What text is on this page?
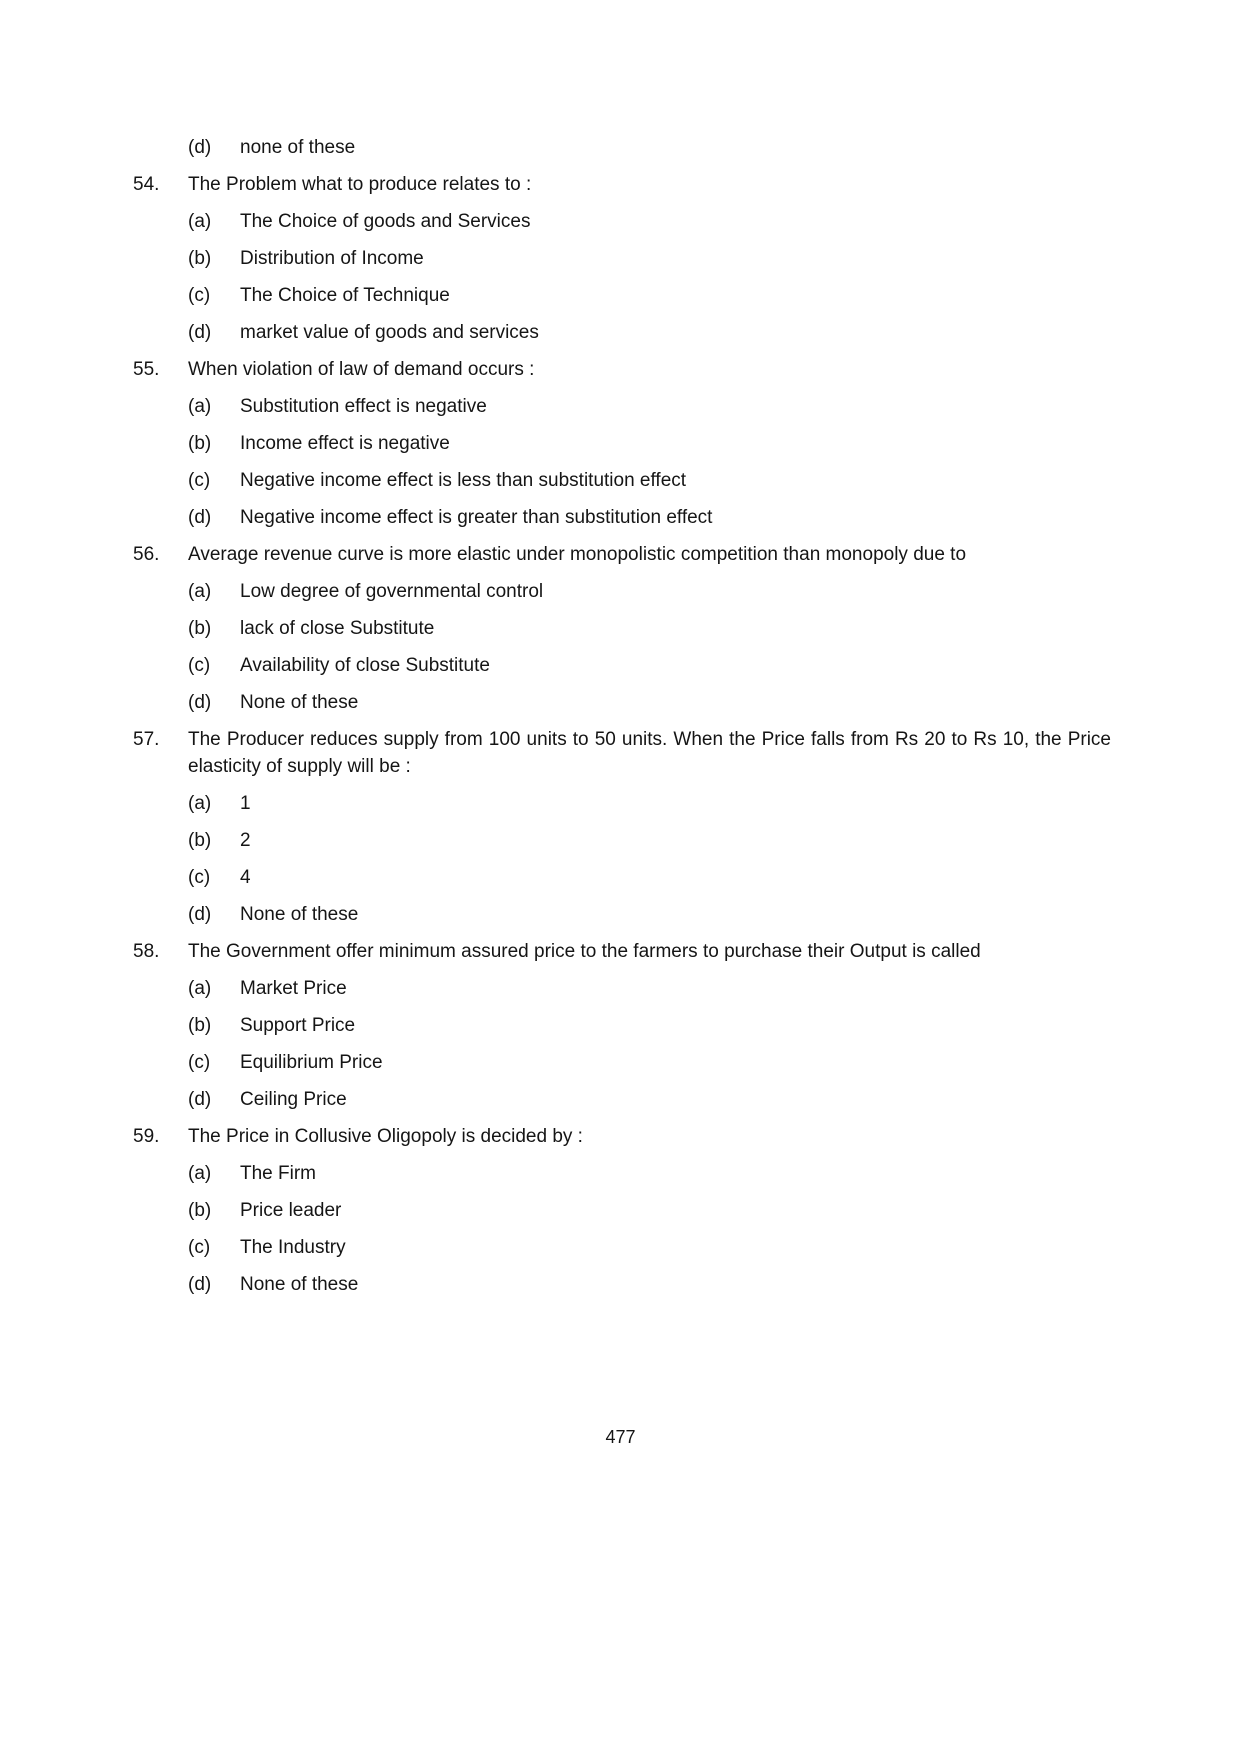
(d)	none of these
54.	The Problem what to produce relates to :
(a)	The Choice of goods and Services
(b)	Distribution of Income
(c)	The Choice of Technique
(d)	market value of goods and services
55.	When violation of law of demand occurs :
(a)	Substitution effect is negative
(b)	Income effect is negative
(c)	Negative income effect is less than substitution effect
(d)	Negative income effect is greater than substitution effect
56.	Average revenue curve is more elastic under monopolistic competition than monopoly due to
(a)	Low degree of governmental control
(b)	lack of close Substitute
(c)	Availability of close Substitute
(d)	None of these
57.	The Producer reduces supply from 100 units to 50 units. When the Price falls from Rs 20 to Rs 10, the Price elasticity of supply will be :
(a)	1
(b)	2
(c)	4
(d)	None of these
58.	The Government offer minimum assured price to the farmers to purchase their Output is called
(a)	Market Price
(b)	Support Price
(c)	Equilibrium Price
(d)	Ceiling Price
59.	The Price in Collusive Oligopoly is decided by :
(a)	The Firm
(b)	Price leader
(c)	The Industry
(d)	None of these
477
